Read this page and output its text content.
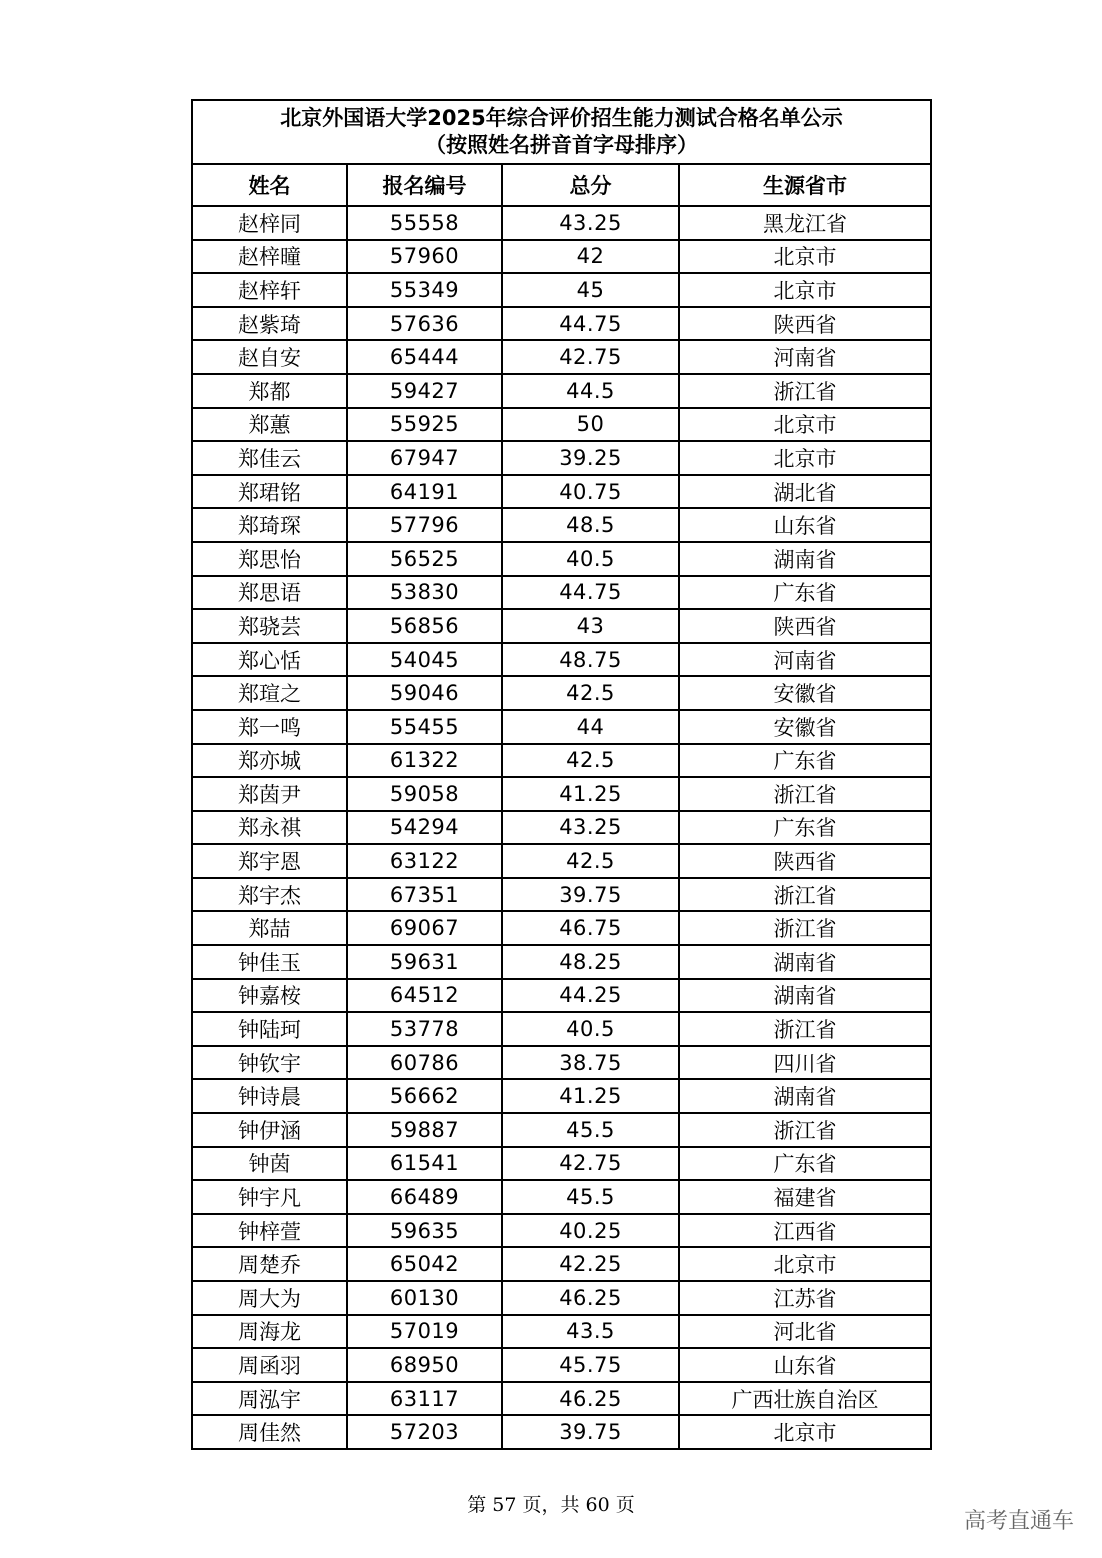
北京外国语大学2025年综合评价招生能力测试合格名单公示
（按照姓名拼音首字母排序）			

姓名	报名编号	总分	生源省市
赵梓同	55558	43.25	黑龙江省
赵梓曈	57960	42	北京市
赵梓轩	55349	45	北京市
赵紫琦	57636	44.75	陕西省
赵自安	65444	42.75	河南省
郑都	59427	44.5	浙江省
郑蕙	55925	50	北京市
郑佳云	67947	39.25	北京市
郑珺铭	64191	40.75	湖北省
郑琦琛	57796	48.5	山东省
郑思怡	56525	40.5	湖南省
郑思语	53830	44.75	广东省
郑骁芸	56856	43	陕西省
郑心恬	54045	48.75	河南省
郑瑄之	59046	42.5	安徽省
郑一鸣	55455	44	安徽省
郑亦城	61322	42.5	广东省
郑茵尹	59058	41.25	浙江省
郑永祺	54294	43.25	广东省
郑宇恩	63122	42.5	陕西省
郑宇杰	67351	39.75	浙江省
郑喆	69067	46.75	浙江省
钟佳玉	59631	48.25	湖南省
钟嘉桉	64512	44.25	湖南省
钟陆珂	53778	40.5	浙江省
钟钦宇	60786	38.75	四川省
钟诗晨	56662	41.25	湖南省
钟伊涵	59887	45.5	浙江省
钟茵	61541	42.75	广东省
钟宇凡	66489	45.5	福建省
钟梓萱	59635	40.25	江西省
周楚乔	65042	42.25	北京市
周大为	60130	46.25	江苏省
周海龙	57019	43.5	河北省
周函羽	68950	45.75	山东省
周泓宇	63117	46.25	广西壮族自治区
周佳然	57203	39.75	北京市
第 57 页，共 60 页
高考直通车
